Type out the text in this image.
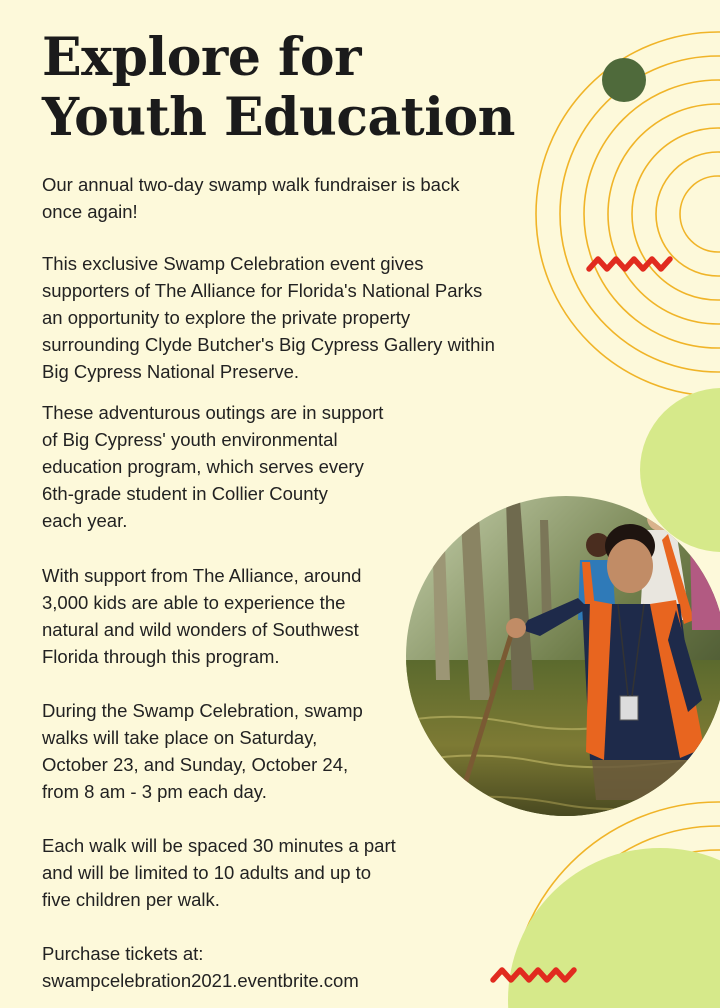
Explore for
Youth Education

Our annual two-day swamp walk fundraiser is back
once again!

This exclusive Swamp Celebration event gives
supporters of The Alliance for Florida's National Parks
an opportunity to explore the private property
surrounding Clyde Butcher's Big Cypress Gallery within
Big Cypress National Preserve.

These adventurous outings are in support
of Big Cypress' youth environmental
education program, which serves every
6th-grade student in Collier County
each year.

With support from The Alliance, around
3,000 kids are able to experience the
natural and wild wonders of Southwest
Florida through this program.

During the Swamp Celebration, swamp
walks will take place on Saturday,
October 23, and Sunday, October 24,
from 8 am - 3 pm each day.

Each walk will be spaced 30 minutes a part
and will be limited to 10 adults and up to
five children per walk.

Purchase tickets at:
swampcelebration2021.eventbrite.com
